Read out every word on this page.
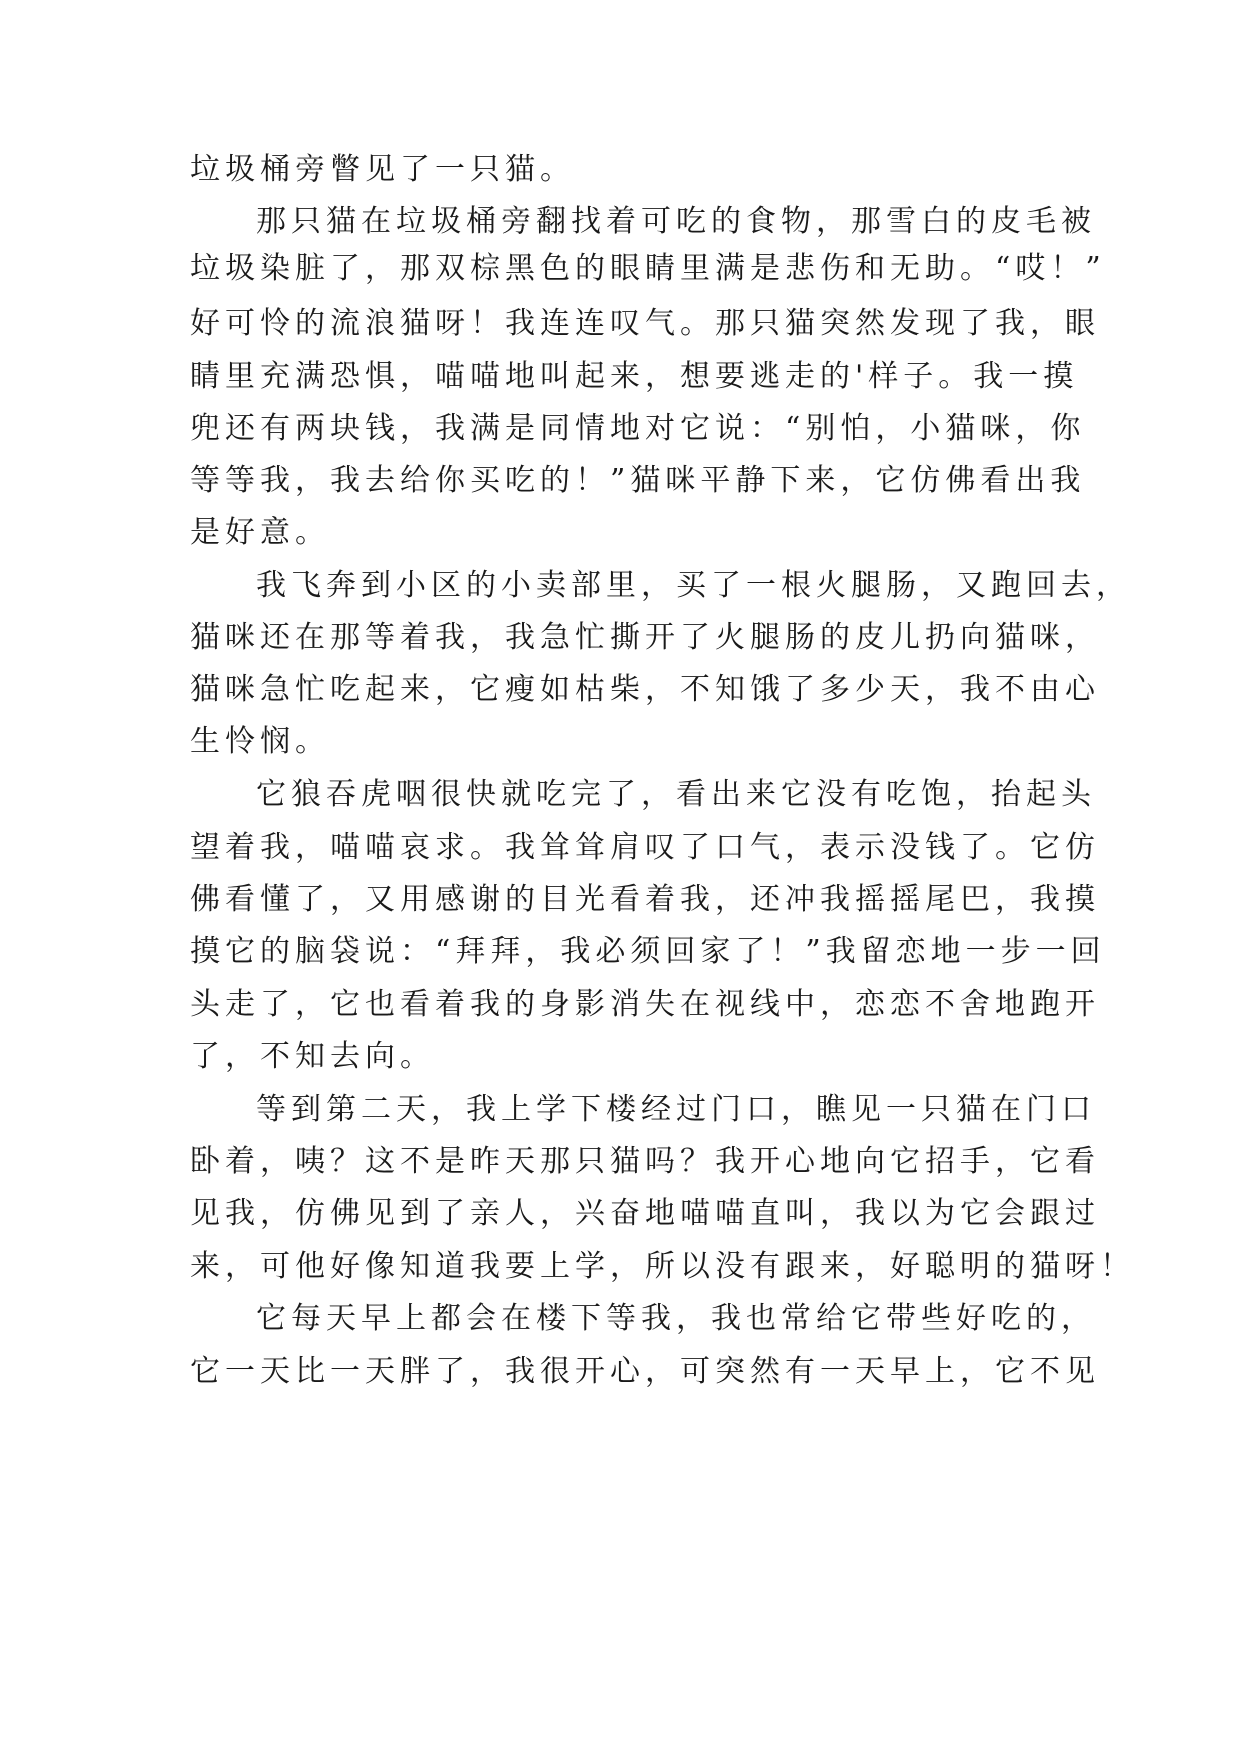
垃圾桶旁瞥见了一只猫。
那只猫在垃圾桶旁翻找着可吃的食物，那雪白的皮毛被
垃圾染脏了，那双棕黑色的眼睛里满是悲伤和无助。“哎！”
好可怜的流浪猫呀！我连连叹气。那只猫突然发现了我，眼
睛里充满恐惧，喵喵地叫起来，想要逃走的'样子。我一摸
兜还有两块钱，我满是同情地对它说：“别怕，小猫咪，你
等等我，我去给你买吃的！”猫咪平静下来，它仿佛看出我
是好意。
我飞奔到小区的小卖部里，买了一根火腿肠，又跑回去，
猫咪还在那等着我，我急忙撕开了火腿肠的皮儿扔向猫咪，
猫咪急忙吃起来，它瘦如枯柴，不知饿了多少天，我不由心
生怜悯。
它狼吞虎咽很快就吃完了，看出来它没有吃饱，抬起头
望着我，喵喵哀求。我耸耸肩叹了口气，表示没钱了。它仿
佛看懂了，又用感谢的目光看着我，还冲我摇摇尾巴，我摸
摸它的脑袋说：“拜拜，我必须回家了！”我留恋地一步一回
头走了，它也看着我的身影消失在视线中，恋恋不舍地跑开
了，不知去向。
等到第二天，我上学下楼经过门口，瞧见一只猫在门口
卧着，咦？这不是昨天那只猫吗？我开心地向它招手，它看
见我，仿佛见到了亲人，兴奋地喵喵直叫，我以为它会跟过
来，可他好像知道我要上学，所以没有跟来，好聪明的猫呀！
它每天早上都会在楼下等我，我也常给它带些好吃的，
它一天比一天胖了，我很开心，可突然有一天早上，它不见
